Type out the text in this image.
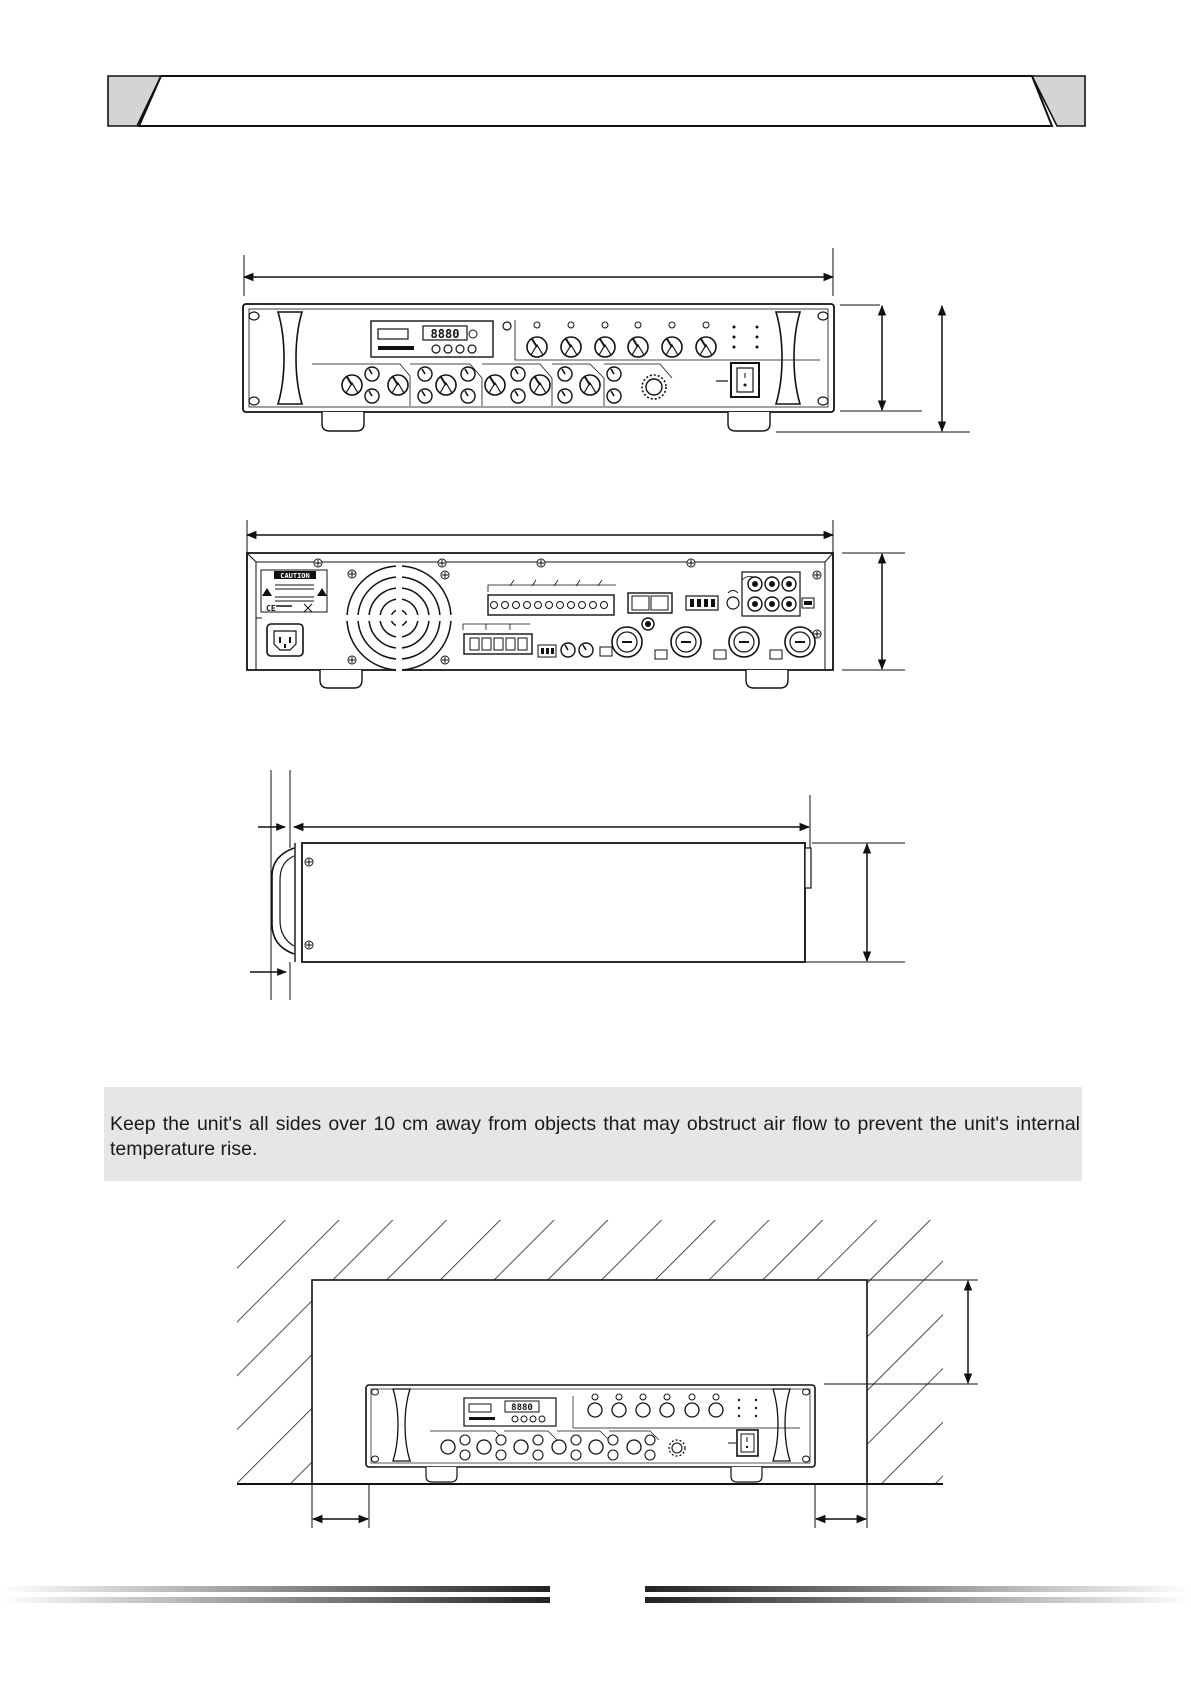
8880
CAUTION
CE
8880
Keep the unit's all sides over 10 cm away from objects that may obstruct air flow to prevent the unit's internal temperature rise.
